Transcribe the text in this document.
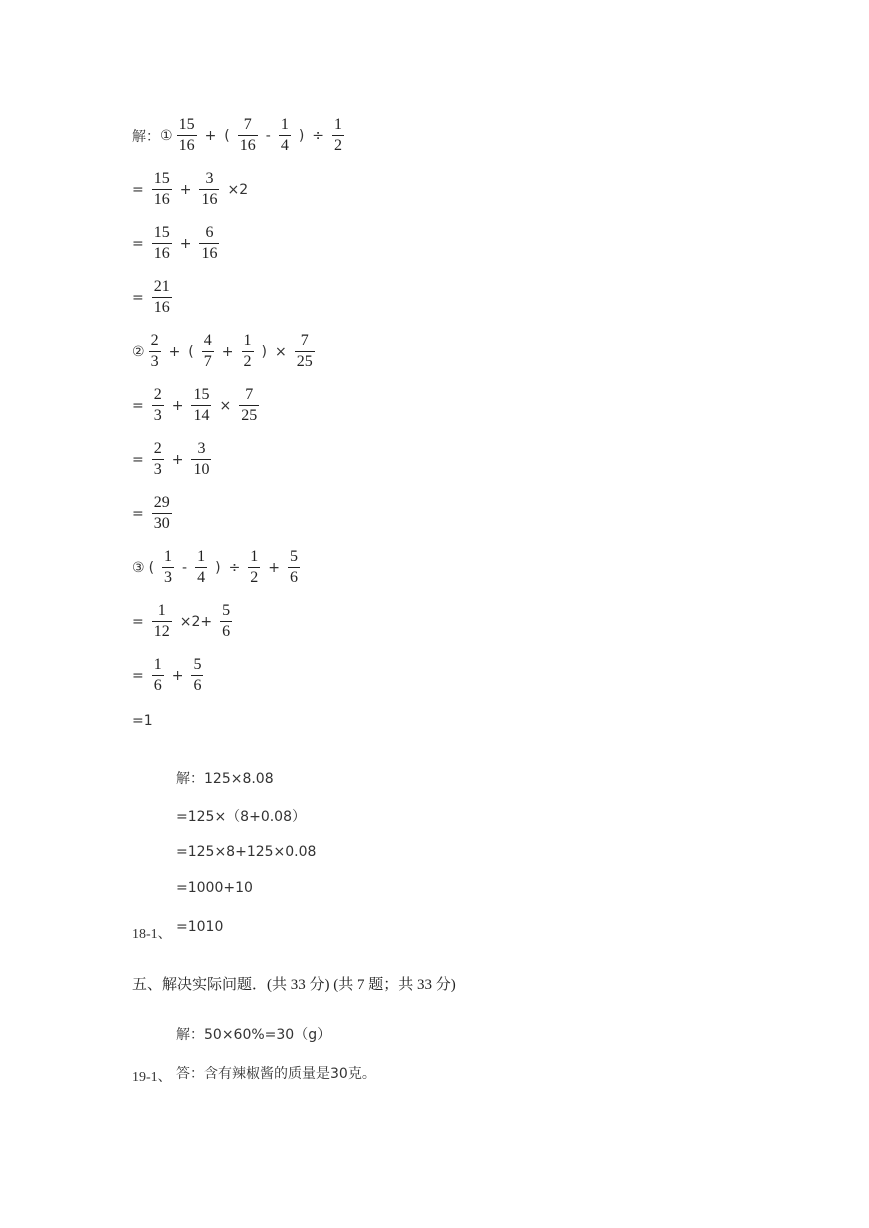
解： ① $\frac{15}{16}$ + ( $\frac{7}{16} - \frac{1}{4}$ ) ÷ $\frac{1}{2}$
= $\frac{15}{16} + \frac{3}{16} \times 2$
= $\frac{15}{16} + \frac{6}{16}$
= $\frac{21}{16}$
② $\frac{2}{3}$ + ( $\frac{4}{7} + \frac{1}{2}$ ) × $\frac{7}{25}$
= $\frac{2}{3} + \frac{15}{14} \times \frac{7}{25}$
= $\frac{2}{3} + \frac{3}{10}$
= $\frac{29}{30}$
③ ( $\frac{1}{3} - \frac{1}{4}$ ) ÷ $\frac{1}{2} + \frac{5}{6}$
= $\frac{1}{12} \times 2+ \frac{5}{6}$
= $\frac{1}{6} + \frac{5}{6}$
=1
解：125×8.08
=125×（8+0.08）
=125×8+125×0.08
=1000+10
18-1、 =1010
五、解决实际问题．(共 33 分) (共 7 题；共 33 分)
解：50×60%=30（g）
19-1、 答：含有辣椒酱的质量是30克。
